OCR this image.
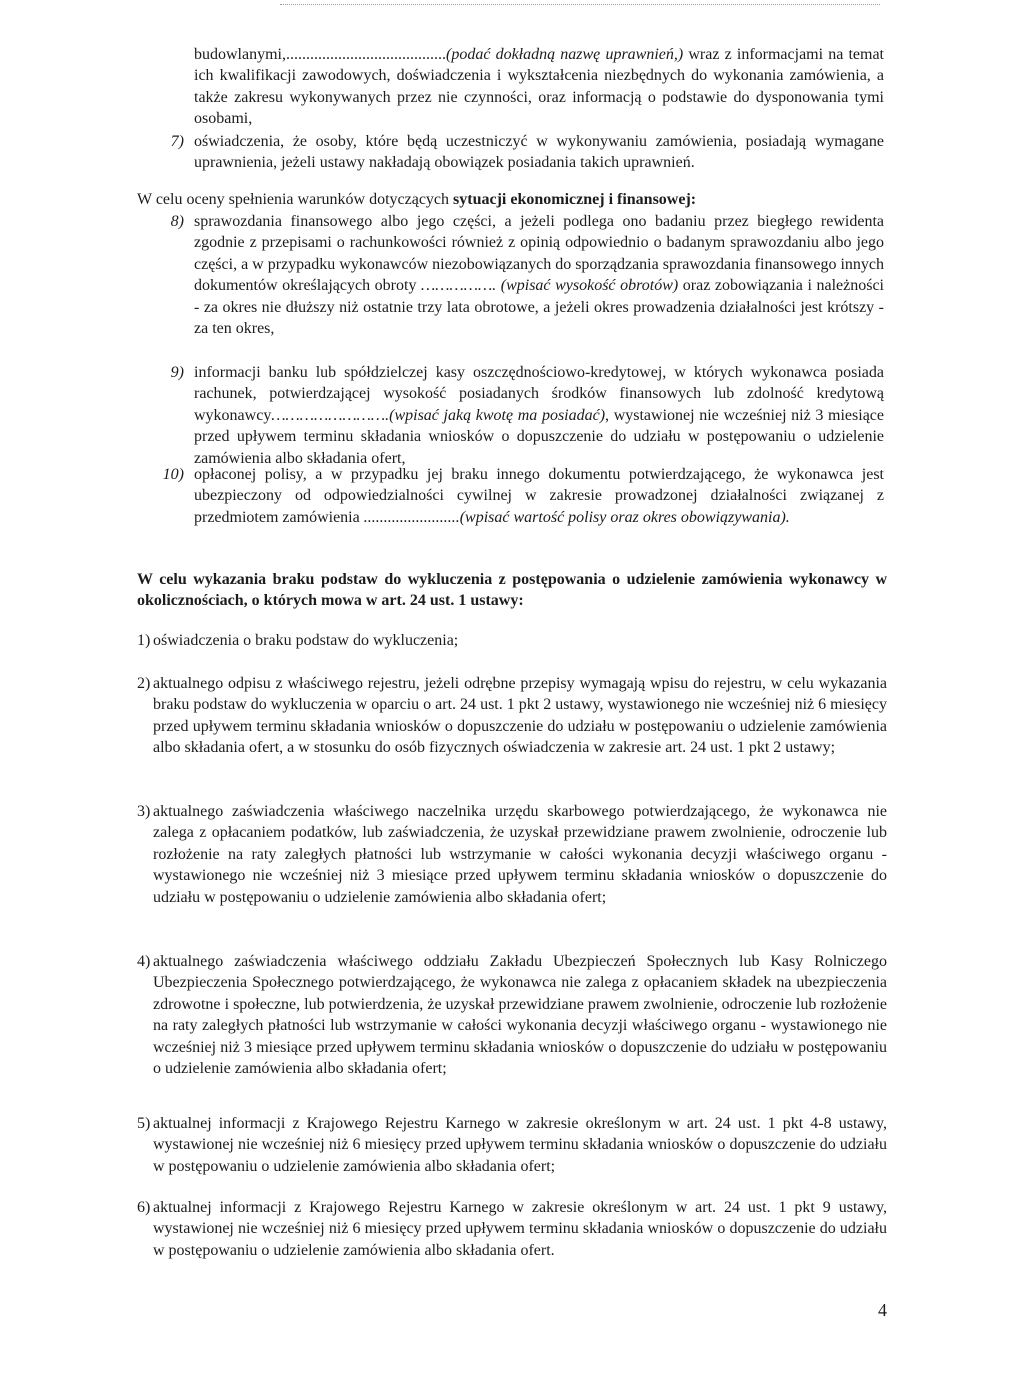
budowlanymi,........................................(podać dokładną nazwę uprawnień,) wraz z informacjami na temat ich kwalifikacji zawodowych, doświadczenia i wykształcenia niezbędnych do wykonania zamówienia, a także zakresu wykonywanych przez nie czynności, oraz informacją o podstawie do dysponowania tymi osobami,

7) oświadczenia, że osoby, które będą uczestniczyć w wykonywaniu zamówienia, posiadają wymagane uprawnienia, jeżeli ustawy nakładają obowiązek posiadania takich uprawnień.

W celu oceny spełnienia warunków dotyczących sytuacji ekonomicznej i finansowej:

8) sprawozdania finansowego albo jego części, a jeżeli podlega ono badaniu przez biegłego rewidenta zgodnie z przepisami o rachunkowości również z opinią odpowiednio o badanym sprawozdaniu albo jego części, a w przypadku wykonawców niezobowiązanych do sporządzania sprawozdania finansowego innych dokumentów określających obroty ……………. (wpisać wysokość obrotów) oraz zobowiązania i należności - za okres nie dłuższy niż ostatnie trzy lata obrotowe, a jeżeli okres prowadzenia działalności jest krótszy - za ten okres,
9) informacji banku lub spółdzielczej kasy oszczędnościowo-kredytowej, w których wykonawca posiada rachunek, potwierdzającej wysokość posiadanych środków finansowych lub zdolność kredytową wykonawcy…………………….(wpisać jaką kwotę ma posiadać), wystawionej nie wcześniej niż 3 miesiące przed upływem terminu składania wniosków o dopuszczenie do udziału w postępowaniu o udzielenie zamówienia albo składania ofert,
10) opłaconej polisy, a w przypadku jej braku innego dokumentu potwierdzającego, że wykonawca jest ubezpieczony od odpowiedzialności cywilnej w zakresie prowadzonej działalności związanej z przedmiotem zamówienia ........................(wpisać wartość polisy oraz okres obowiązywania).

W celu wykazania braku podstaw do wykluczenia z postępowania o udzielenie zamówienia wykonawcy w okolicznościach, o których mowa w art. 24 ust. 1 ustawy:

1) oświadczenia o braku podstaw do wykluczenia;
2) aktualnego odpisu z właściwego rejestru, jeżeli odrębne przepisy wymagają wpisu do rejestru, w celu wykazania braku podstaw do wykluczenia w oparciu o art. 24 ust. 1 pkt 2 ustawy, wystawionego nie wcześniej niż 6 miesięcy przed upływem terminu składania wniosków o dopuszczenie do udziału w postępowaniu o udzielenie zamówienia albo składania ofert, a w stosunku do osób fizycznych oświadczenia w zakresie art. 24 ust. 1 pkt 2 ustawy;
3) aktualnego zaświadczenia właściwego naczelnika urzędu skarbowego potwierdzającego, że wykonawca nie zalega z opłacaniem podatków, lub zaświadczenia, że uzyskał przewidziane prawem zwolnienie, odroczenie lub rozłożenie na raty zaległych płatności lub wstrzymanie w całości wykonania decyzji właściwego organu - wystawionego nie wcześniej niż 3 miesiące przed upływem terminu składania wniosków o dopuszczenie do udziału w postępowaniu o udzielenie zamówienia albo składania ofert;
4) aktualnego zaświadczenia właściwego oddziału Zakładu Ubezpieczeń Społecznych lub Kasy Rolniczego Ubezpieczenia Społecznego potwierdzającego, że wykonawca nie zalega z opłacaniem składek na ubezpieczenia zdrowotne i społeczne, lub potwierdzenia, że uzyskał przewidziane prawem zwolnienie, odroczenie lub rozłożenie na raty zaległych płatności lub wstrzymanie w całości wykonania decyzji właściwego organu - wystawionego nie wcześniej niż 3 miesiące przed upływem terminu składania wniosków o dopuszczenie do udziału w postępowaniu o udzielenie zamówienia albo składania ofert;
5) aktualnej informacji z Krajowego Rejestru Karnego w zakresie określonym w art. 24 ust. 1 pkt 4-8 ustawy, wystawionej nie wcześniej niż 6 miesięcy przed upływem terminu składania wniosków o dopuszczenie do udziału w postępowaniu o udzielenie zamówienia albo składania ofert;
6) aktualnej informacji z Krajowego Rejestru Karnego w zakresie określonym w art. 24 ust. 1 pkt 9 ustawy, wystawionej nie wcześniej niż 6 miesięcy przed upływem terminu składania wniosków o dopuszczenie do udziału w postępowaniu o udzielenie zamówienia albo składania ofert.
4
